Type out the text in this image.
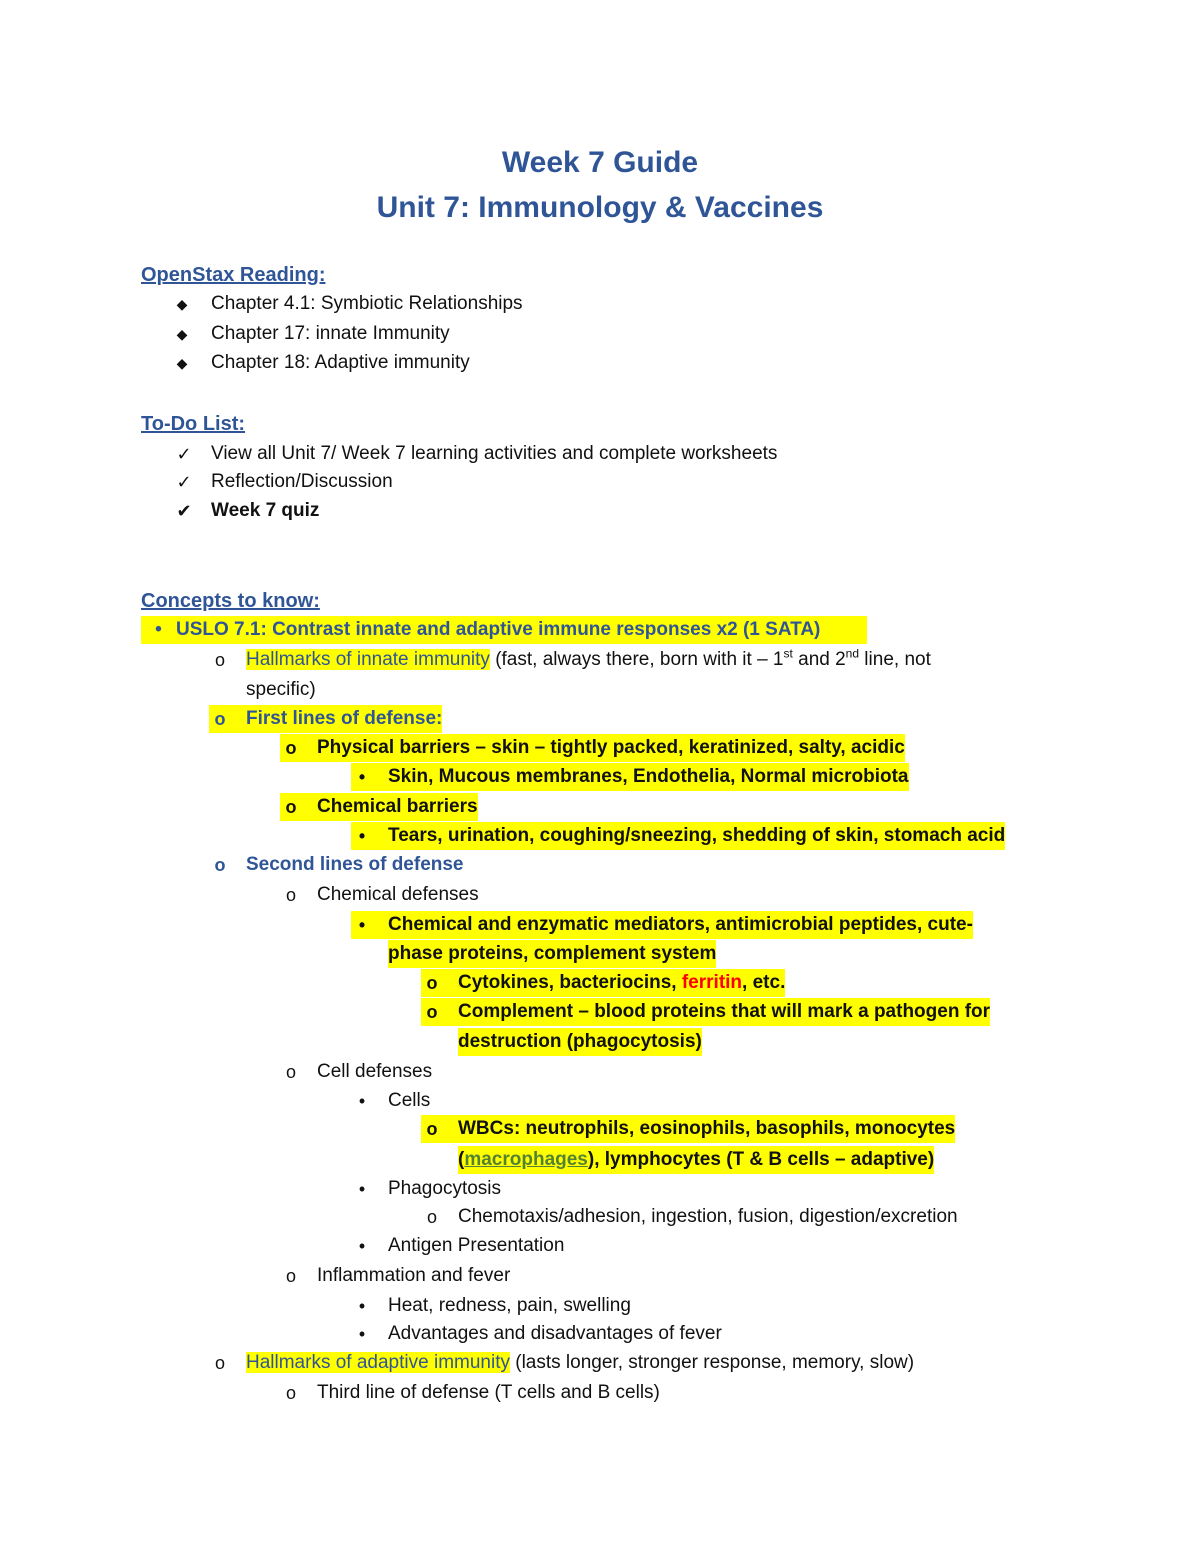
Week 7 Guide
Unit 7: Immunology & Vaccines
OpenStax Reading:
◆ Chapter 4.1: Symbiotic Relationships
◆ Chapter 17: innate Immunity
◆ Chapter 18: Adaptive immunity
To-Do List:
✓ View all Unit 7/ Week 7 learning activities and complete worksheets
✓ Reflection/Discussion
✔ Week 7 quiz
Concepts to know:
• USLO 7.1: Contrast innate and adaptive immune responses x2 (1 SATA)
o	Hallmarks of innate immunity (fast, always there, born with it – 1st and 2nd line, not
specific)
o	First lines of defense:
o	Physical barriers – skin – tightly packed, keratinized, salty, acidic
•	Skin, Mucous membranes, Endothelia, Normal microbiota
o	Chemical barriers
•	Tears, urination, coughing/sneezing, shedding of skin, stomach acid
o Second lines of defense
o	Chemical defenses
•	Chemical and enzymatic mediators, antimicrobial peptides, cute-
phase proteins, complement system
o	Cytokines, bacteriocins, ferritin, etc.
o	Complement – blood proteins that will mark a pathogen for
destruction (phagocytosis)
o	Cell defenses
•	Cells
o	WBCs: neutrophils, eosinophils, basophils, monocytes
(macrophages), lymphocytes (T & B cells – adaptive)
•	Phagocytosis
o	Chemotaxis/adhesion, ingestion, fusion, digestion/excretion
•	Antigen Presentation
o	Inflammation and fever
•	Heat, redness, pain, swelling
•	Advantages and disadvantages of fever
o	Hallmarks of adaptive immunity (lasts longer, stronger response, memory, slow)
o	Third line of defense (T cells and B cells)
